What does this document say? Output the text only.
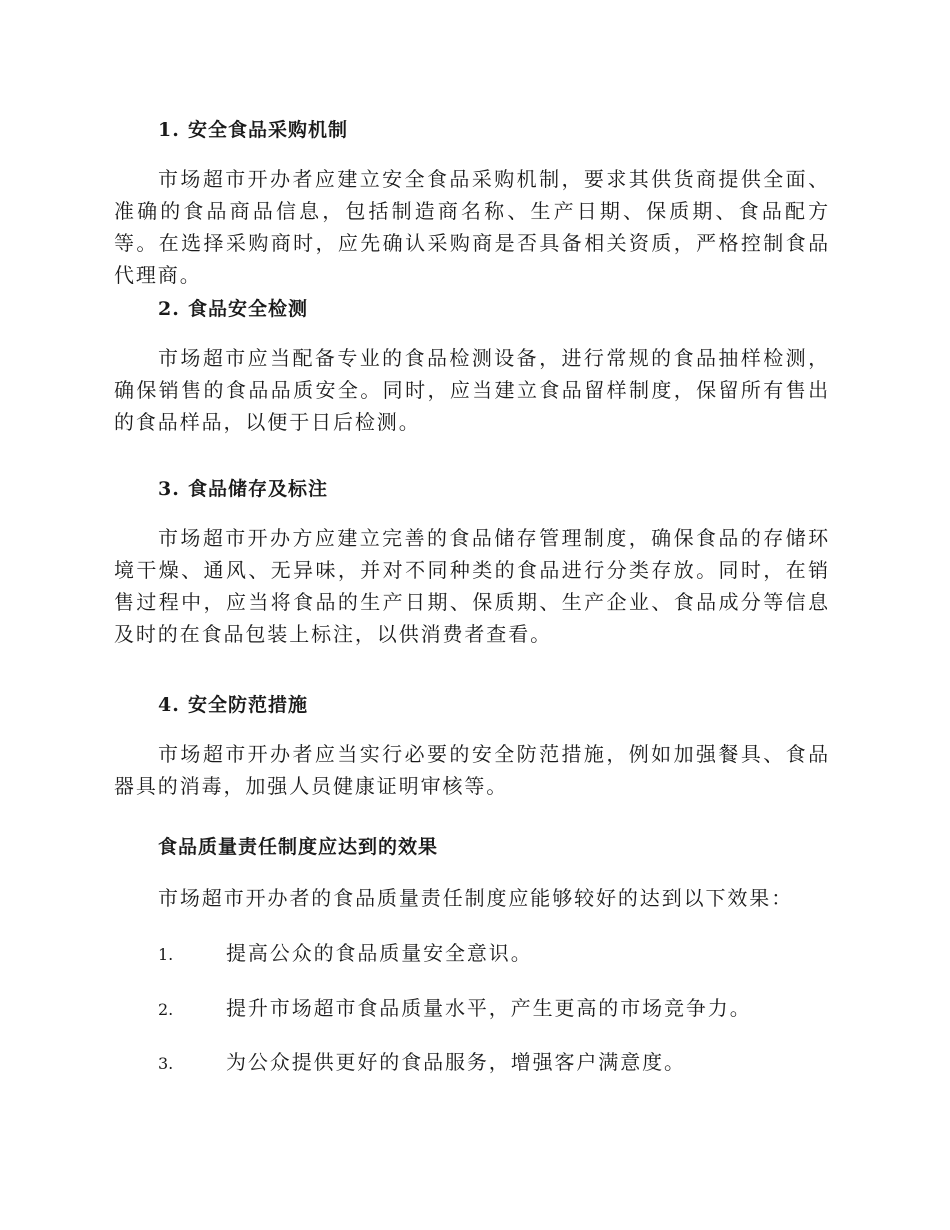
1. 安全食品采购机制
市场超市开办者应建立安全食品采购机制，要求其供货商提供全面、准确的食品商品信息，包括制造商名称、生产日期、保质期、食品配方等。在选择采购商时，应先确认采购商是否具备相关资质，严格控制食品代理商。
2. 食品安全检测
市场超市应当配备专业的食品检测设备，进行常规的食品抽样检测，确保销售的食品品质安全。同时，应当建立食品留样制度，保留所有售出的食品样品，以便于日后检测。
3. 食品储存及标注
市场超市开办方应建立完善的食品储存管理制度，确保食品的存储环境干燥、通风、无异味，并对不同种类的食品进行分类存放。同时，在销售过程中，应当将食品的生产日期、保质期、生产企业、食品成分等信息及时的在食品包装上标注，以供消费者查看。
4. 安全防范措施
市场超市开办者应当实行必要的安全防范措施，例如加强餐具、食品器具的消毒，加强人员健康证明审核等。
食品质量责任制度应达到的效果
市场超市开办者的食品质量责任制度应能够较好的达到以下效果：
1.	提高公众的食品质量安全意识。
2.	提升市场超市食品质量水平，产生更高的市场竞争力。
3.	为公众提供更好的食品服务，增强客户满意度。
